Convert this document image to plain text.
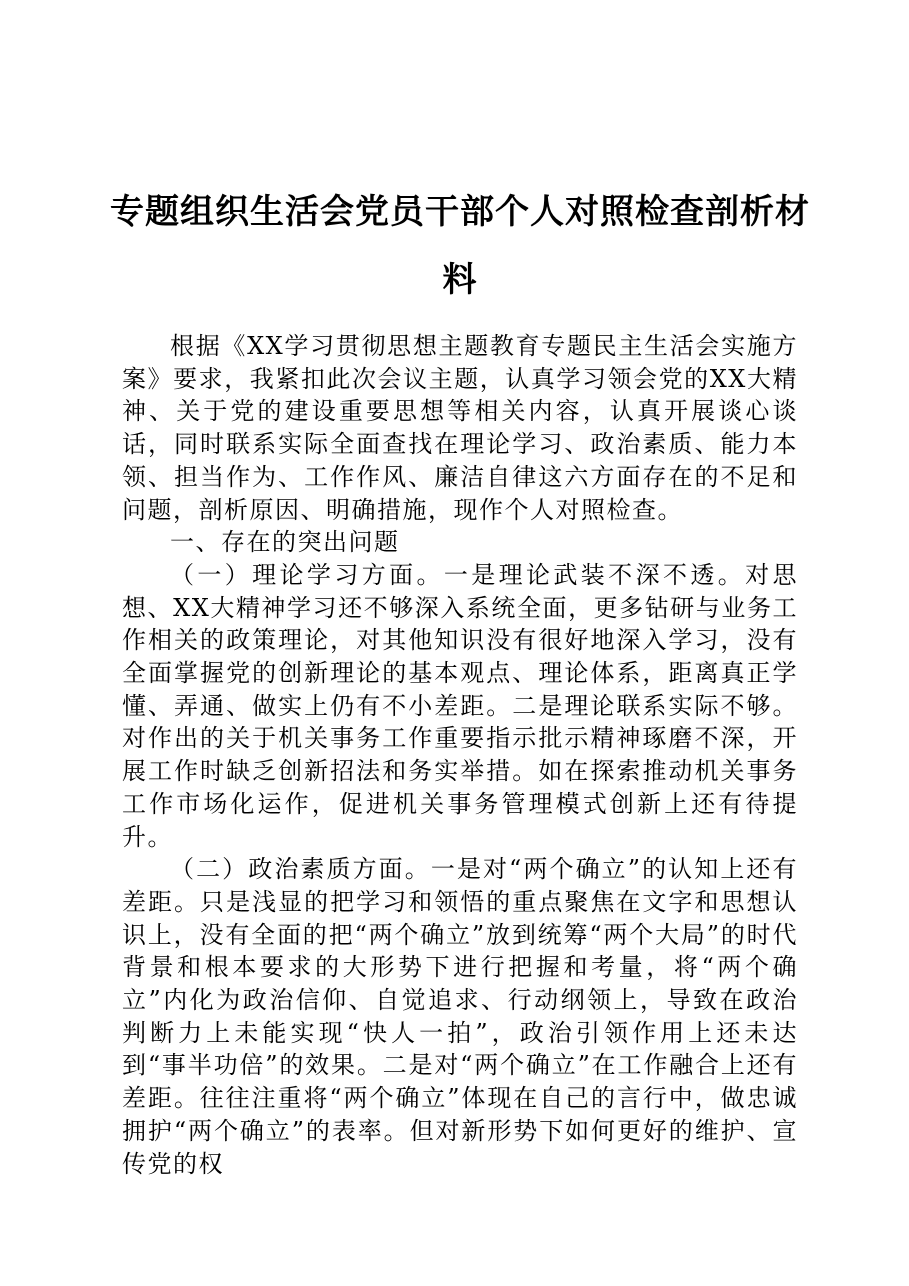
专题组织生活会党员干部个人对照检查剖析材料

根据《XX学习贯彻思想主题教育专题民主生活会实施方案》要求，我紧扣此次会议主题，认真学习领会党的XX大精神、关于党的建设重要思想等相关内容，认真开展谈心谈话，同时联系实际全面查找在理论学习、政治素质、能力本领、担当作为、工作作风、廉洁自律这六方面存在的不足和问题，剖析原因、明确措施，现作个人对照检查。

一、存在的突出问题

（一）理论学习方面。一是理论武装不深不透。对思想、XX大精神学习还不够深入系统全面，更多钻研与业务工作相关的政策理论，对其他知识没有很好地深入学习，没有全面掌握党的创新理论的基本观点、理论体系，距离真正学懂、弄通、做实上仍有不小差距。二是理论联系实际不够。对作出的关于机关事务工作重要指示批示精神琢磨不深，开展工作时缺乏创新招法和务实举措。如在探索推动机关事务工作市场化运作，促进机关事务管理模式创新上还有待提升。

（二）政治素质方面。一是对“两个确立”的认知上还有差距。只是浅显的把学习和领悟的重点聚焦在文字和思想认识上，没有全面的把“两个确立”放到统筹“两个大局”的时代背景和根本要求的大形势下进行把握和考量，将“两个确立”内化为政治信仰、自觉追求、行动纲领上，导致在政治判断力上未能实现“快人一拍”，政治引领作用上还未达到“事半功倍”的效果。二是对“两个确立”在工作融合上还有差距。往往注重将“两个确立”体现在自己的言行中，做忠诚拥护“两个确立”的表率。但对新形势下如何更好的维护、宣传党的权
